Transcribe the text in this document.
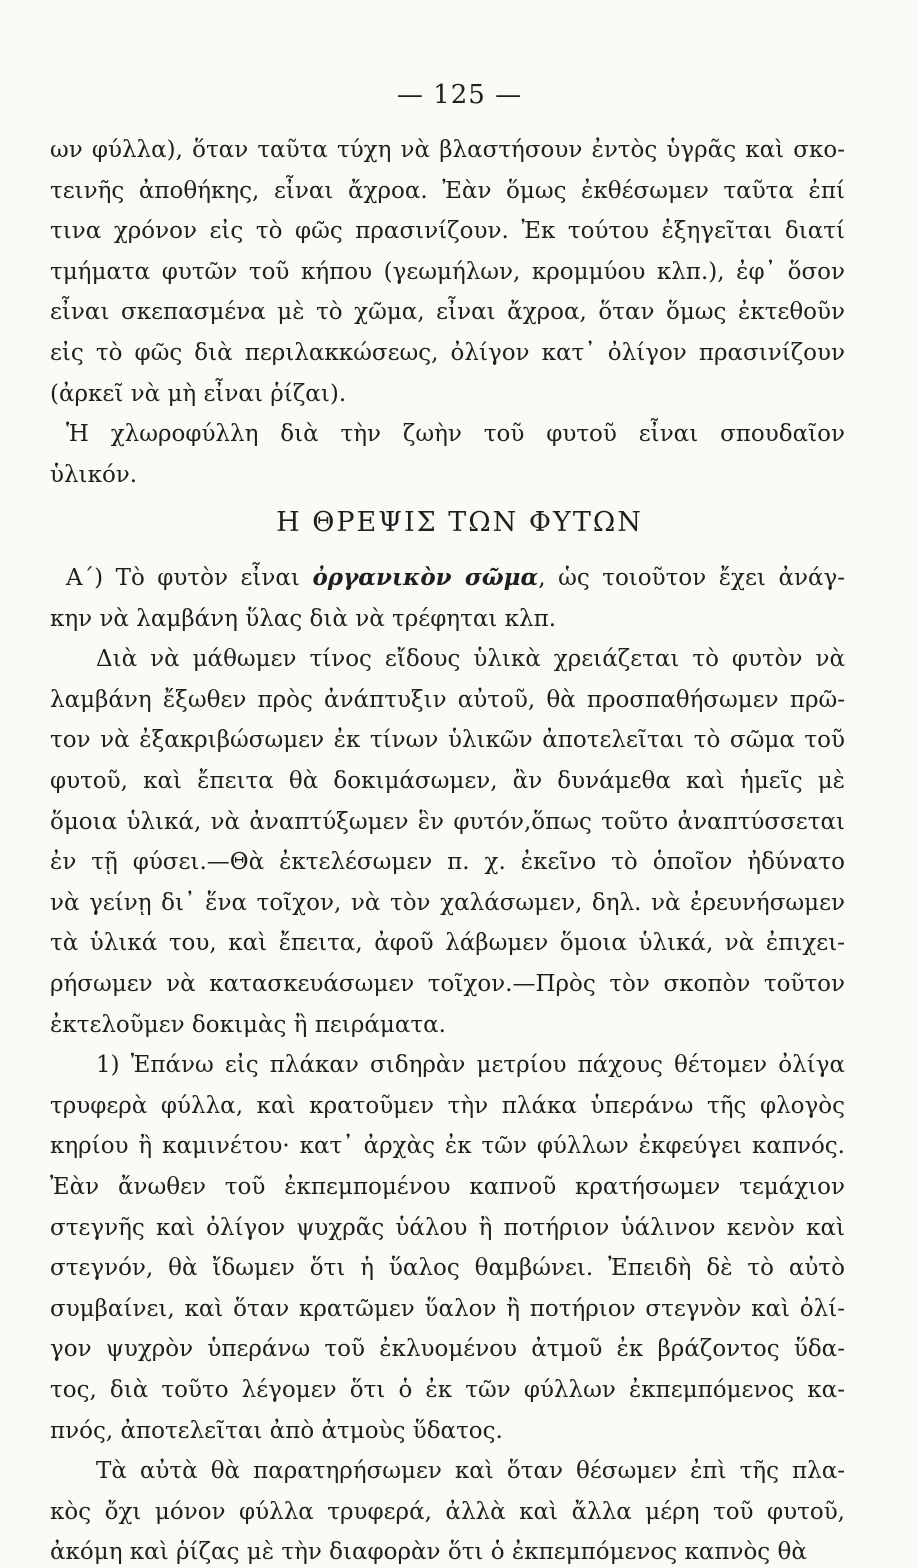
— 125 —
ων φύλλα), ὅταν ταῦτα τύχη νὰ βλαστήσουν ἐντὸς ὑγρᾶς καὶ σκο-
τεινῆς ἀποθήκης, εἶναι ἄχροα. Ἐὰν ὅμως ἐκθέσωμεν ταῦτα ἐπί
τινα χρόνον εἰς τὸ φῶς πρασινίζουν. Ἐκ τούτου ἐξηγεῖται διατί
τμήματα φυτῶν τοῦ κήπου (γεωμήλων, κρομμύου κλπ.), ἐφ᾽ ὅσον
εἶναι σκεπασμένα μὲ τὸ χῶμα, εἶναι ἄχροα, ὅταν ὅμως ἐκτεθοῦν
εἰς τὸ φῶς διὰ περιλακκώσεως, ὀλίγον κατ᾽ ὀλίγον πρασινίζουν
(ἀρκεῖ νὰ μὴ εἶναι ῥίζαι).
Ἡ χλωροφύλλη διὰ τὴν ζωὴν τοῦ φυτοῦ εἶναι σπουδαῖον
ὑλικόν.
Η ΘΡΕΨΙΣ ΤΩΝ ΦΥΤΩΝ
Α΄) Τὸ φυτὸν εἶναι ὀργανικὸν σῶμα, ὡς τοιοῦτον ἔχει ἀνάγ-
κην νὰ λαμβάνη ὕλας διὰ νὰ τρέφηται κλπ.
Διὰ νὰ μάθωμεν τίνος εἴδους ὑλικὰ χρειάζεται τὸ φυτὸν νὰ
λαμβάνη ἔξωθεν πρὸς ἀνάπτυξιν αὐτοῦ, θὰ προσπαθήσωμεν πρῶ-
τον νὰ ἐξακριβώσωμεν ἐκ τίνων ὑλικῶν ἀποτελεῖται τὸ σῶμα τοῦ
φυτοῦ, καὶ ἔπειτα θὰ δοκιμάσωμεν, ἂν δυνάμεθα καὶ ἡμεῖς μὲ
ὅμοια ὑλικά, νὰ ἀναπτύξωμεν ἓν φυτόν,ὅπως τοῦτο ἀναπτύσσεται
ἐν τῇ φύσει.—Θὰ ἐκτελέσωμεν π. χ. ἐκεῖνο τὸ ὁποῖον ἠδύνατο
νὰ γείνῃ δι᾽ ἕνα τοῖχον, νὰ τὸν χαλάσωμεν, δηλ. νὰ ἐρευνήσωμεν
τὰ ὑλικά του, καὶ ἔπειτα, ἀφοῦ λάβωμεν ὅμοια ὑλικά, νὰ ἐπιχει-
ρήσωμεν νὰ κατασκευάσωμεν τοῖχον.—Πρὸς τὸν σκοπὸν τοῦτον
ἐκτελοῦμεν δοκιμὰς ἢ πειράματα.
1) Ἐπάνω εἰς πλάκαν σιδηρὰν μετρίου πάχους θέτομεν ὀλίγα
τρυφερὰ φύλλα, καὶ κρατοῦμεν τὴν πλάκα ὑπεράνω τῆς φλογὸς
κηρίου ἢ καμινέτου· κατ᾽ ἀρχὰς ἐκ τῶν φύλλων ἐκφεύγει καπνός.
Ἐὰν ἄνωθεν τοῦ ἐκπεμπομένου καπνοῦ κρατήσωμεν τεμάχιον
στεγνῆς καὶ ὀλίγον ψυχρᾶς ὑάλου ἢ ποτήριον ὑάλινον κενὸν καὶ
στεγνόν, θὰ ἴδωμεν ὅτι ἡ ὕαλος θαμβώνει. Ἐπειδὴ δὲ τὸ αὐτὸ
συμβαίνει, καὶ ὅταν κρατῶμεν ὕαλον ἢ ποτήριον στεγνὸν καὶ ὀλί-
γον ψυχρὸν ὑπεράνω τοῦ ἐκλυομένου ἀτμοῦ ἐκ βράζοντος ὕδα-
τος, διὰ τοῦτο λέγομεν ὅτι ὁ ἐκ τῶν φύλλων ἐκπεμπόμενος κα-
πνός, ἀποτελεῖται ἀπὸ ἀτμοὺς ὕδατος.
Τὰ αὐτὰ θὰ παρατηρήσωμεν καὶ ὅταν θέσωμεν ἐπὶ τῆς πλα-
κὸς ὄχι μόνον φύλλα τρυφερά, ἀλλὰ καὶ ἄλλα μέρη τοῦ φυτοῦ,
ἀκόμη καὶ ῥίζας μὲ τὴν διαφορὰν ὅτι ὁ ἐκπεμπόμενος καπνὸς θὰ
